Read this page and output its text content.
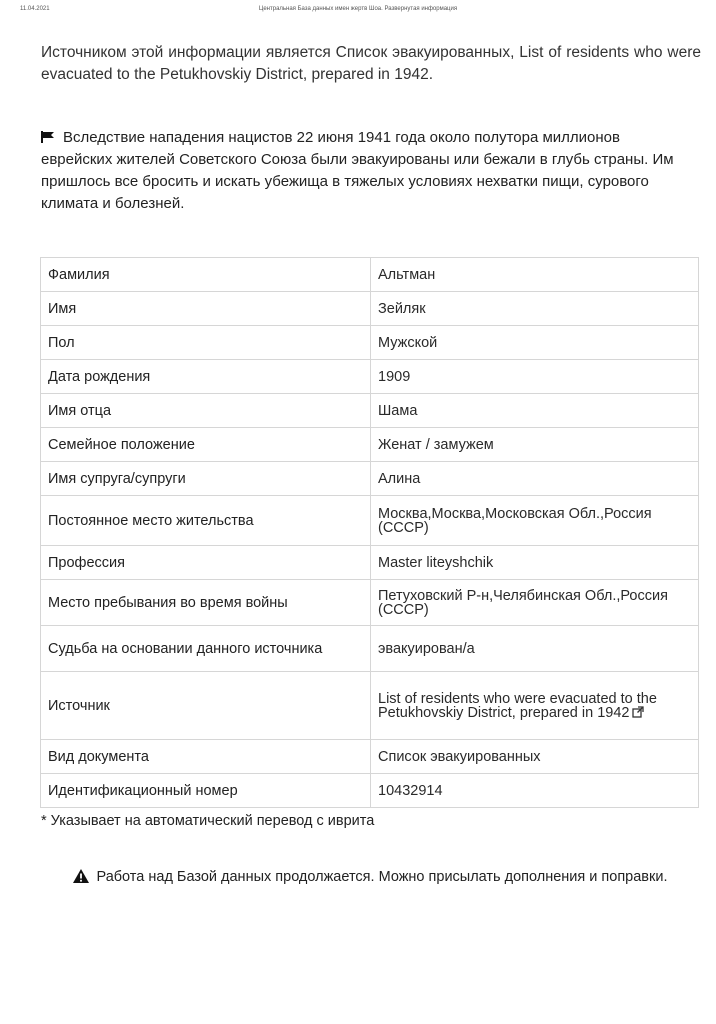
11.04.2021	Центральная База данных имен жертв Шоа. Развернутая информация
Источником этой информации является Список эвакуированных, List of residents who were evacuated to the Petukhovskiy District, prepared in 1942.
Вследствие нападения нацистов 22 июня 1941 года около полутора миллионов еврейских жителей Советского Союза были эвакуированы или бежали в глубь страны. Им пришлось все бросить и искать убежища в тяжелых условиях нехватки пищи, сурового климата и болезней.
Фамилия	Альтман
Имя	Зейляк
Пол	Мужской
Дата рождения	1909
Имя отца	Шама
Семейное положение	Женат / замужем
Имя супруга/супруги	Алина
Постоянное место жительства	Москва,Москва,Московская Обл.,Россия (СССР)
Профессия	Master liteyshchik
Место пребывания во время войны	Петуховский Р-н,Челябинская Обл.,Россия (СССР)
Судьба на основании данного источника	эвакуирован/а
Источник	List of residents who were evacuated to the Petukhovskiy District, prepared in 1942
Вид документа	Список эвакуированных
Идентификационный номер	10432914
* Указывает на автоматический перевод с иврита
Работа над Базой данных продолжается. Можно присылать дополнения и поправки.
